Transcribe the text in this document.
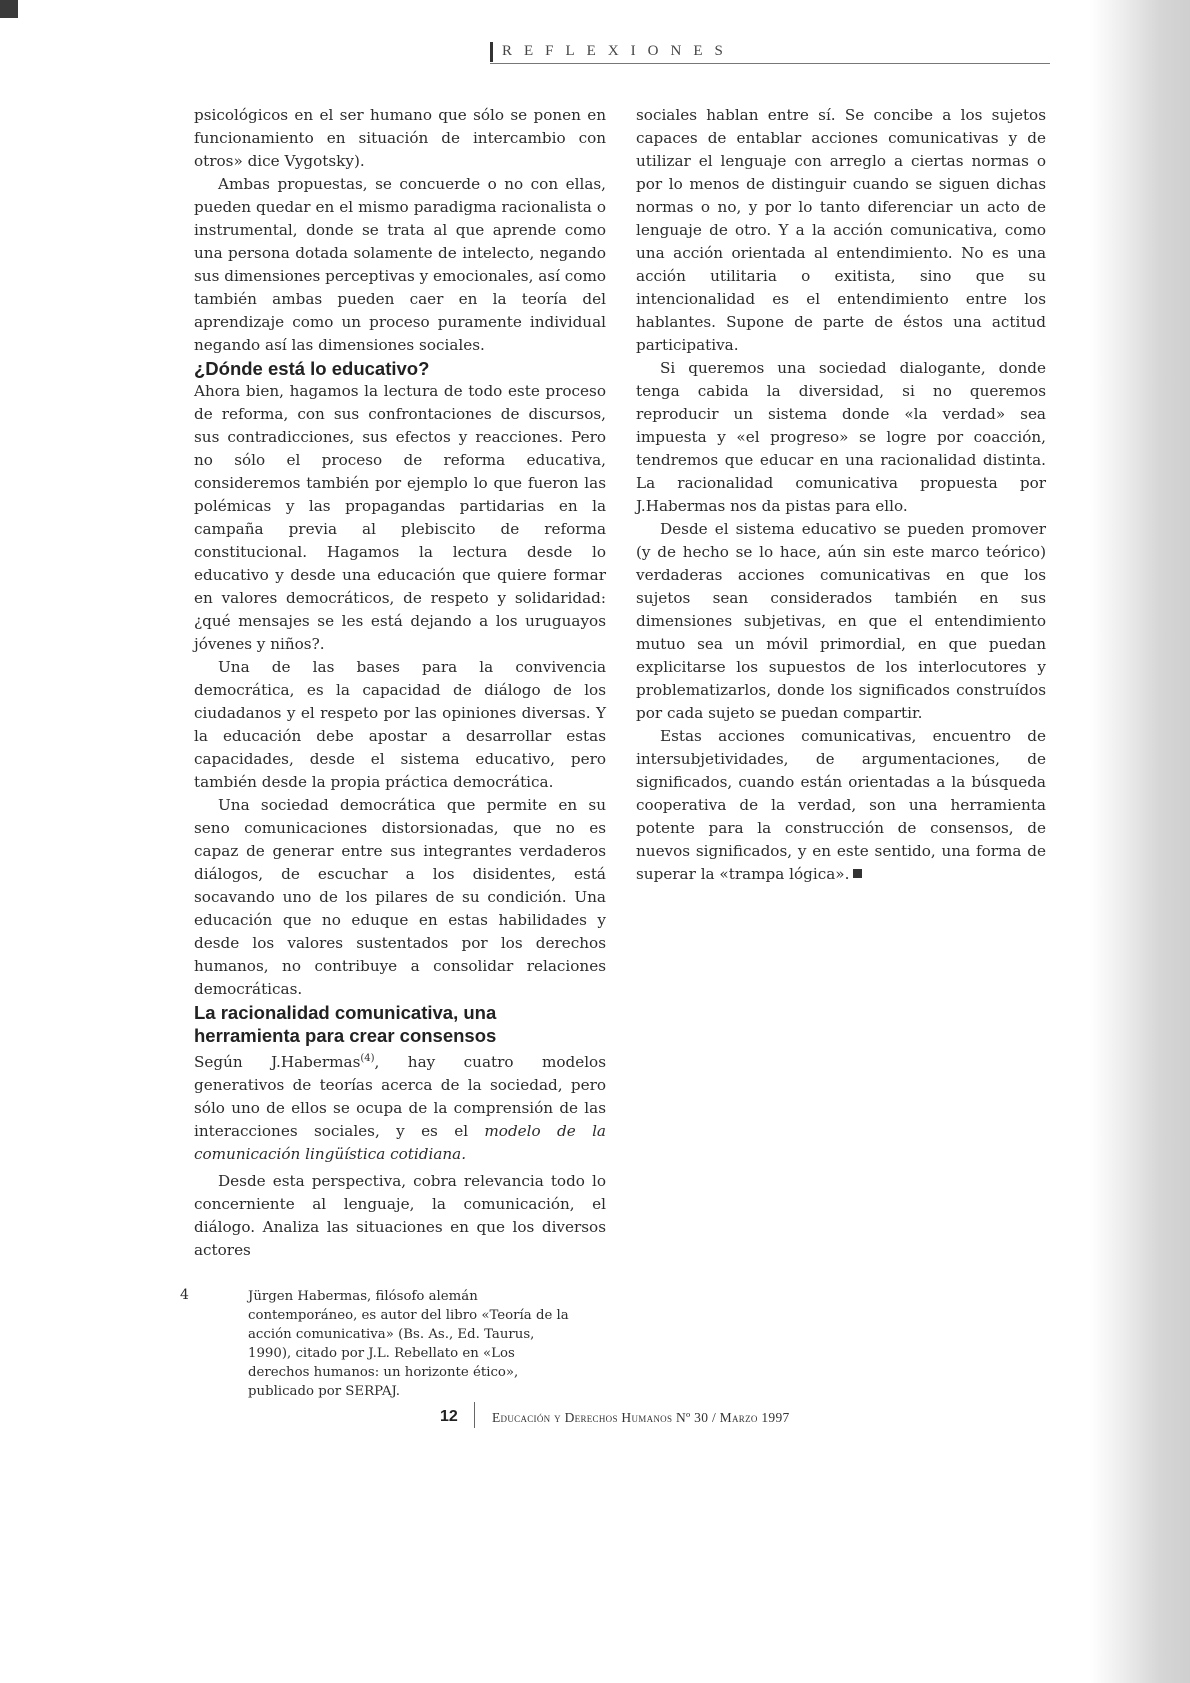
REFLEXIONES

psicológicos en el ser humano que sólo se ponen en funcionamiento en situación de intercambio con otros» dice Vygotsky).

Ambas propuestas, se concuerde o no con ellas, pueden quedar en el mismo paradigma racionalista o instrumental, donde se trata al que aprende como una persona dotada solamente de intelecto, negando sus dimensiones perceptivas y emocionales, así como también ambas pueden caer en la teoría del aprendizaje como un proceso puramente individual negando así las dimensiones sociales.

¿Dónde está lo educativo?

Ahora bien, hagamos la lectura de todo este proceso de reforma, con sus confrontaciones de discursos, sus contradicciones, sus efectos y reacciones. Pero no sólo el proceso de reforma educativa, consideremos también por ejemplo lo que fueron las polémicas y las propagandas partidarias en la campaña previa al plebiscito de reforma constitucional. Hagamos la lectura desde lo educativo y desde una educación que quiere formar en valores democráticos, de respeto y solidaridad: ¿qué mensajes se les está dejando a los uruguayos jóvenes y niños?.

Una de las bases para la convivencia democrática, es la capacidad de diálogo de los ciudadanos y el respeto por las opiniones diversas. Y la educación debe apostar a desarrollar estas capacidades, desde el sistema educativo, pero también desde la propia práctica democrática.

Una sociedad democrática que permite en su seno comunicaciones distorsionadas, que no es capaz de generar entre sus integrantes verdaderos diálogos, de escuchar a los disidentes, está socavando uno de los pilares de su condición. Una educación que no eduque en estas habilidades y desde los valores sustentados por los derechos humanos, no contribuye a consolidar relaciones democráticas.

La racionalidad comunicativa, una herramienta para crear consensos

Según J.Habermas$^{(4)}$, hay cuatro modelos generativos de teorías acerca de la sociedad, pero sólo uno de ellos se ocupa de la comprensión de las interacciones sociales, y es el modelo de la comunicación lingüística cotidiana.

Desde esta perspectiva, cobra relevancia todo lo concerniente al lenguaje, la comunicación, el diálogo. Analiza las situaciones en que los diversos actores

sociales hablan entre sí. Se concibe a los sujetos capaces de entablar acciones comunicativas y de utilizar el lenguaje con arreglo a ciertas normas o por lo menos de distinguir cuando se siguen dichas normas o no, y por lo tanto diferenciar un acto de lenguaje de otro. Y a la acción comunicativa, como una acción orientada al entendimiento. No es una acción utilitaria o exitista, sino que su intencionalidad es el entendimiento entre los hablantes. Supone de parte de éstos una actitud participativa.

Si queremos una sociedad dialogante, donde tenga cabida la diversidad, si no queremos reproducir un sistema donde «la verdad» sea impuesta y «el progreso» se logre por coacción, tendremos que educar en una racionalidad distinta. La racionalidad comunicativa propuesta por J.Habermas nos da pistas para ello.

Desde el sistema educativo se pueden promover (y de hecho se lo hace, aún sin este marco teórico) verdaderas acciones comunicativas en que los sujetos sean considerados también en sus dimensiones subjetivas, en que el entendimiento mutuo sea un móvil primordial, en que puedan explicitarse los supuestos de los interlocutores y problematizarlos, donde los significados construídos por cada sujeto se puedan compartir.

Estas acciones comunicativas, encuentro de intersubjetividades, de argumentaciones, de significados, cuando están orientadas a la búsqueda cooperativa de la verdad, son una herramienta potente para la construcción de consensos, de nuevos significados, y en este sentido, una forma de superar la «trampa lógica».

4	Jürgen Habermas, filósofo alemán contemporáneo, es autor del libro «Teoría de la acción comunicativa» (Bs. As., Ed. Taurus, 1990), citado por J.L. Rebellato en «Los derechos humanos: un horizonte ético», publicado por SERPAJ.
12	Educación y Derechos Humanos Nº 30 / Marzo 1997
